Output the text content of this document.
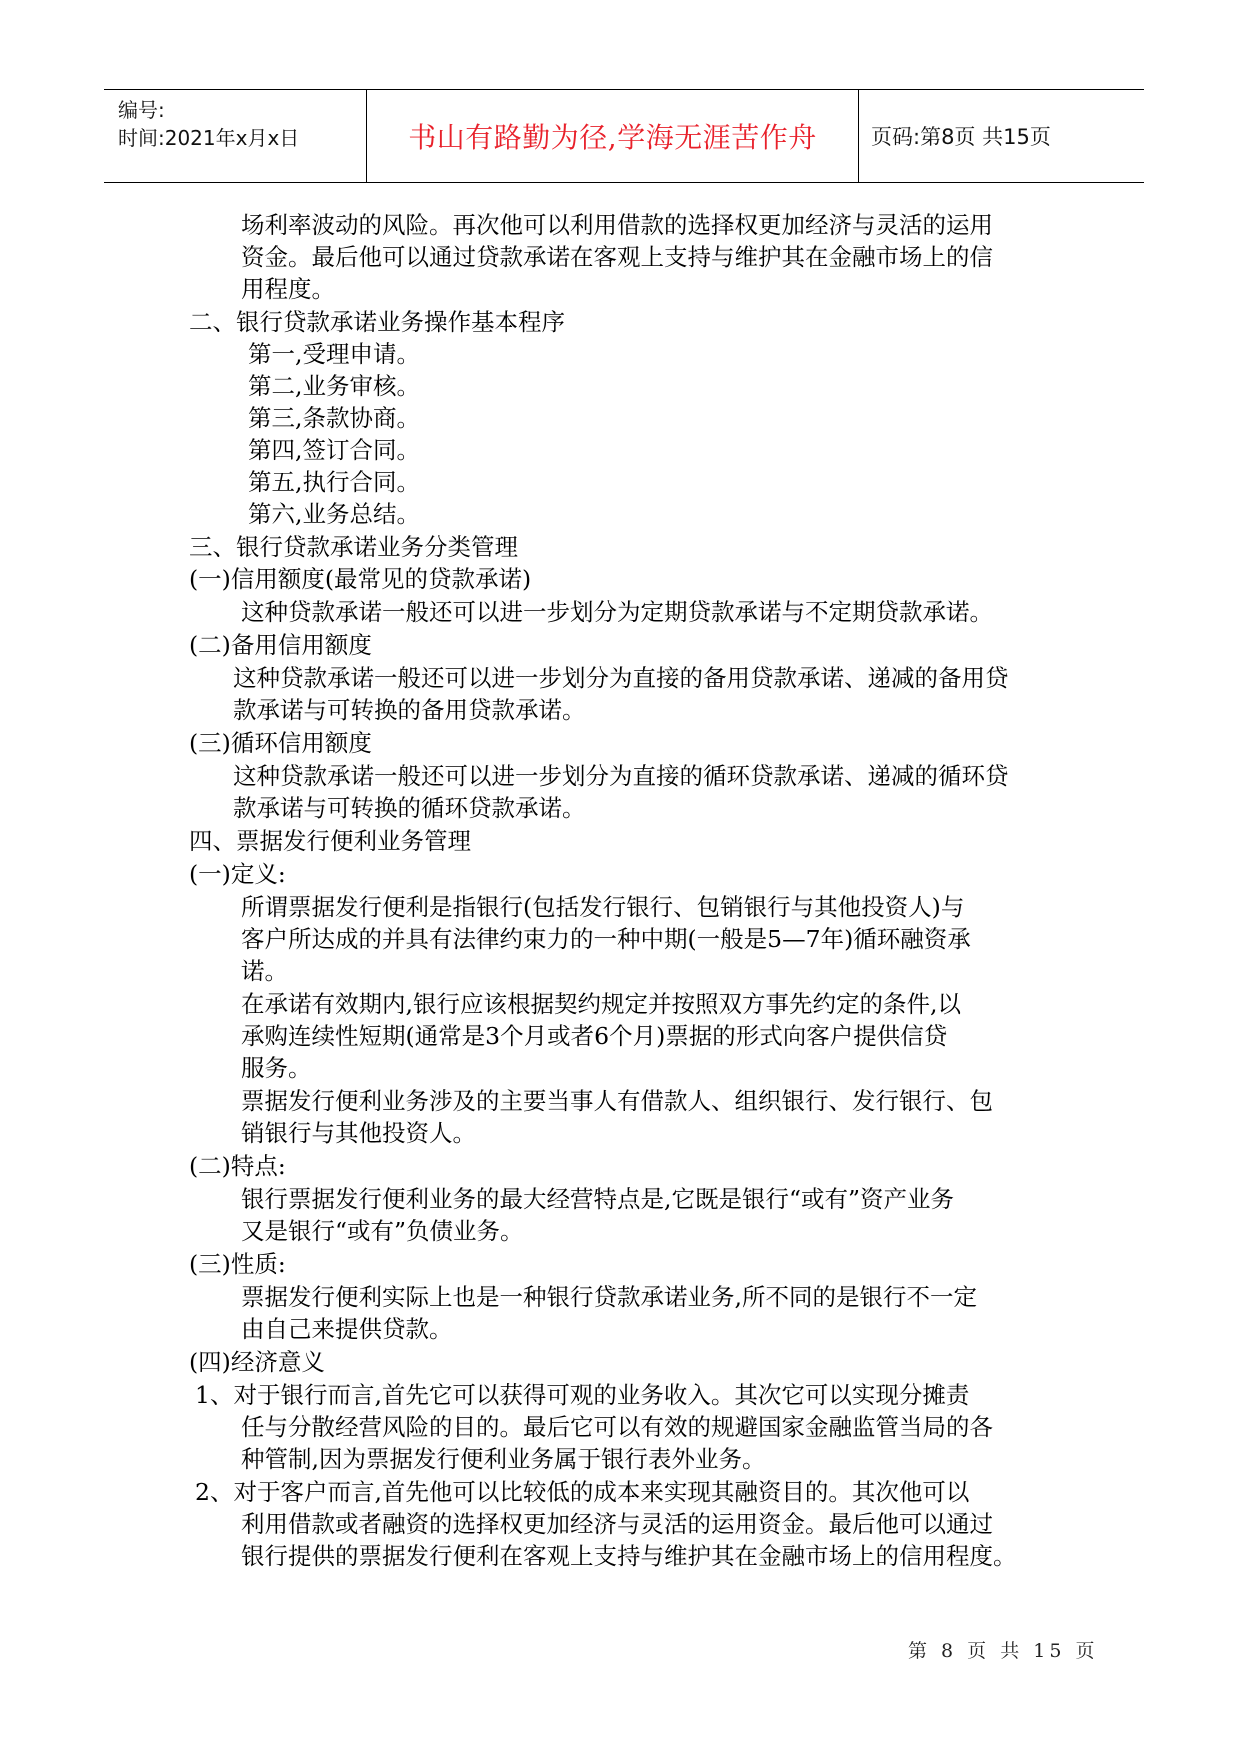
编号:
时间:2021年x月x日	书山有路勤为径,学海无涯苦作舟	页码:第8页 共15页
场利率波动的风险。再次他可以利用借款的选择权更加经济与灵活的运用
资金。最后他可以通过贷款承诺在客观上支持与维护其在金融市场上的信
用程度。
二、银行贷款承诺业务操作基本程序
第一,受理申请。
第二,业务审核。
第三,条款协商。
第四,签订合同。
第五,执行合同。
第六,业务总结。
三、银行贷款承诺业务分类管理
(一)信用额度(最常见的贷款承诺)
这种贷款承诺一般还可以进一步划分为定期贷款承诺与不定期贷款承诺。
(二)备用信用额度
这种贷款承诺一般还可以进一步划分为直接的备用贷款承诺、递减的备用贷
款承诺与可转换的备用贷款承诺。
(三)循环信用额度
这种贷款承诺一般还可以进一步划分为直接的循环贷款承诺、递减的循环贷
款承诺与可转换的循环贷款承诺。
四、票据发行便利业务管理
(一)定义:
所谓票据发行便利是指银行(包括发行银行、包销银行与其他投资人)与
客户所达成的并具有法律约束力的一种中期(一般是5—7年)循环融资承
诺。
在承诺有效期内,银行应该根据契约规定并按照双方事先约定的条件,以
承购连续性短期(通常是3个月或者6个月)票据的形式向客户提供信贷
服务。
票据发行便利业务涉及的主要当事人有借款人、组织银行、发行银行、包
销银行与其他投资人。
(二)特点:
银行票据发行便利业务的最大经营特点是,它既是银行“或有”资产业务
又是银行“或有”负债业务。
(三)性质:
票据发行便利实际上也是一种银行贷款承诺业务,所不同的是银行不一定
由自己来提供贷款。
(四)经济意义
1、对于银行而言,首先它可以获得可观的业务收入。其次它可以实现分摊责
任与分散经营风险的目的。最后它可以有效的规避国家金融监管当局的各
种管制,因为票据发行便利业务属于银行表外业务。
2、对于客户而言,首先他可以比较低的成本来实现其融资目的。其次他可以
利用借款或者融资的选择权更加经济与灵活的运用资金。最后他可以通过
银行提供的票据发行便利在客观上支持与维护其在金融市场上的信用程度。
第 8 页 共 15 页
